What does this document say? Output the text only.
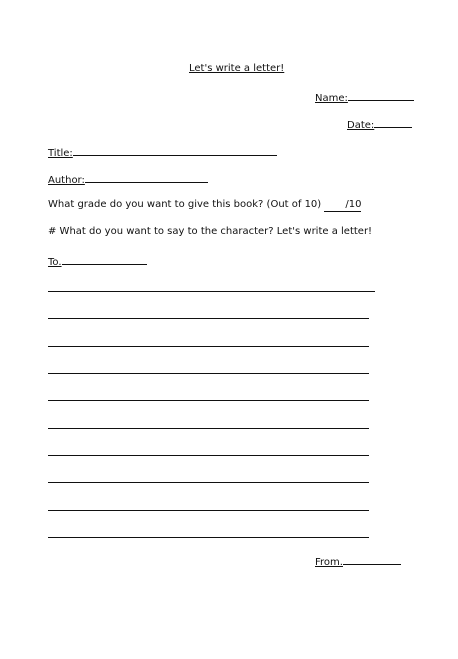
Let's write a letter!
Name:
Date:
Title:
Author:
What grade do you want to give this book? (Out of 10) /10
# What do you want to say to the character? Let's write a letter!
To.
From.
